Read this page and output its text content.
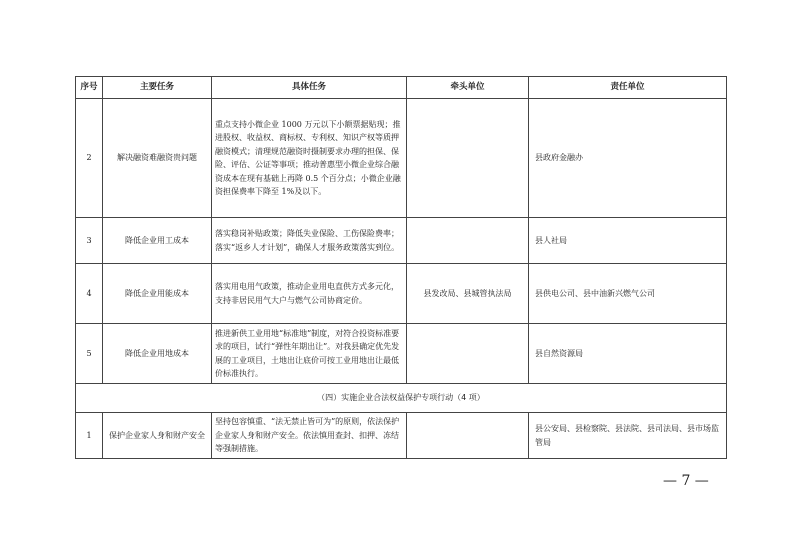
序号	主要任务	具体任务	牵头单位	责任单位
2	解决融资难融资贵问题	重点支持小微企业 1000 万元以下小额票据贴现；推进股权、收益权、商标权、专利权、知识产权等质押融资模式；清理规范融资时摄制要求办理的担保、保险、评估、公证等事项；推动普惠型小微企业综合融资成本在现有基础上再降 0.5 个百分点；小微企业融资担保费率下降至 1%及以下。		县政府金融办
3	降低企业用工成本	落实稳岗补贴政策；降低失业保险、工伤保险费率；落实“返乡人才计划”，确保人才服务政策落实到位。		县人社局
4	降低企业用能成本	落实用电用气政策，推动企业用电直供方式多元化，支持非居民用气大户与燃气公司协商定价。	县发改局、县城管执法局	县供电公司、县中油新兴燃气公司
5	降低企业用地成本	推进新供工业用地“标准地”制度，对符合投资标准要求的项目，试行“弹性年期出让”。对我县确定优先发展的工业项目，土地出让底价可按工业用地出让最低价标准执行。		县自然资源局
（四）实施企业合法权益保护专项行动（4 项）				
1	保护企业家人身和财产安全	坚持包容慎重、“法无禁止皆可为”的原则，依法保护企业家人身和财产安全。依法慎用查封、扣押、冻结等强制措施。		县公安局、县检察院、县法院、县司法局、县市场监管局
— 7 —
